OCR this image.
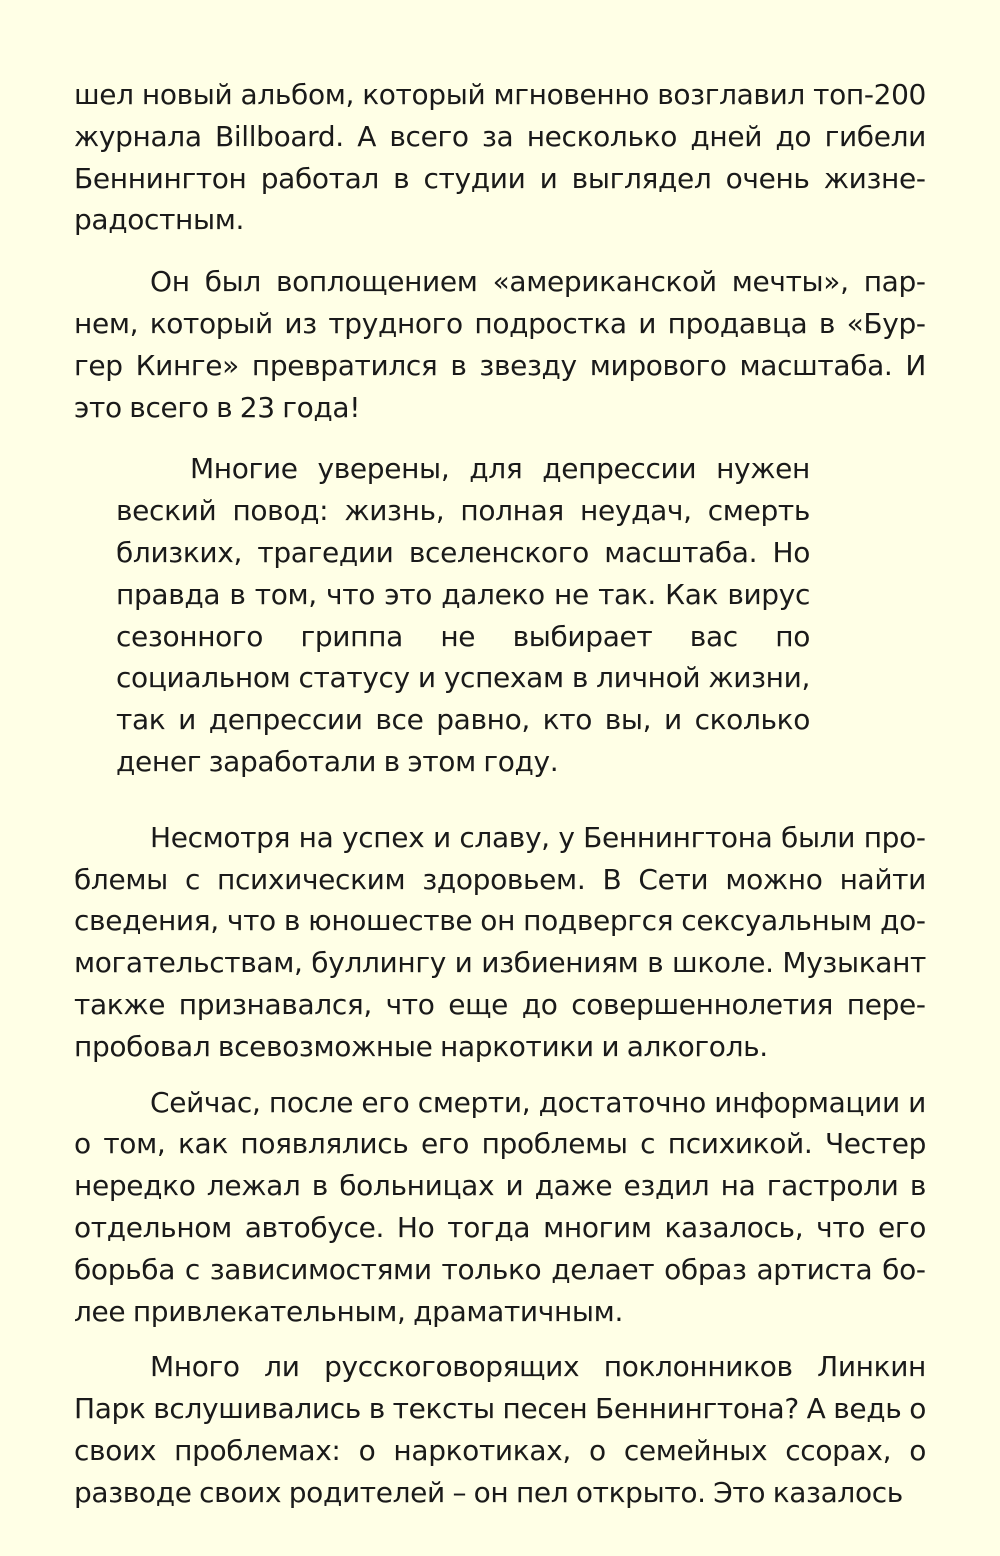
шел новый альбом, который мгновенно возглавил топ-200 журнала Billboard. А всего за несколько дней до гибели Беннингтон работал в студии и выглядел очень жизнерадостным.

Он был воплощением «американской мечты», парнем, который из трудного подростка и продавца в «Бургер Кинге» превратился в звезду мирового масштаба. И это всего в 23 года!

Многие уверены, для депрессии нужен веский повод: жизнь, полная неудач, смерть близких, трагедии вселенского масштаба. Но правда в том, что это далеко не так. Как вирус сезонного гриппа не выбирает вас по социальном статусу и успехам в личной жизни, так и депрессии все равно, кто вы, и сколько денег заработали в этом году.

Несмотря на успех и славу, у Беннингтона были проблемы с психическим здоровьем. В Сети можно найти сведения, что в юношестве он подвергся сексуальным домогательствам, буллингу и избиениям в школе. Музыкант также признавался, что еще до совершеннолетия перепробовал всевозможные наркотики и алкоголь.

Сейчас, после его смерти, достаточно информации и о том, как появлялись его проблемы с психикой. Честер нередко лежал в больницах и даже ездил на гастроли в отдельном автобусе. Но тогда многим казалось, что его борьба с зависимостями только делает образ артиста более привлекательным, драматичным.

Много ли русскоговорящих поклонников Линкин Парк вслушивались в тексты песен Беннингтона? А ведь о своих проблемах: о наркотиках, о семейных ссорах, о разводе своих родителей – он пел открыто. Это казалось
